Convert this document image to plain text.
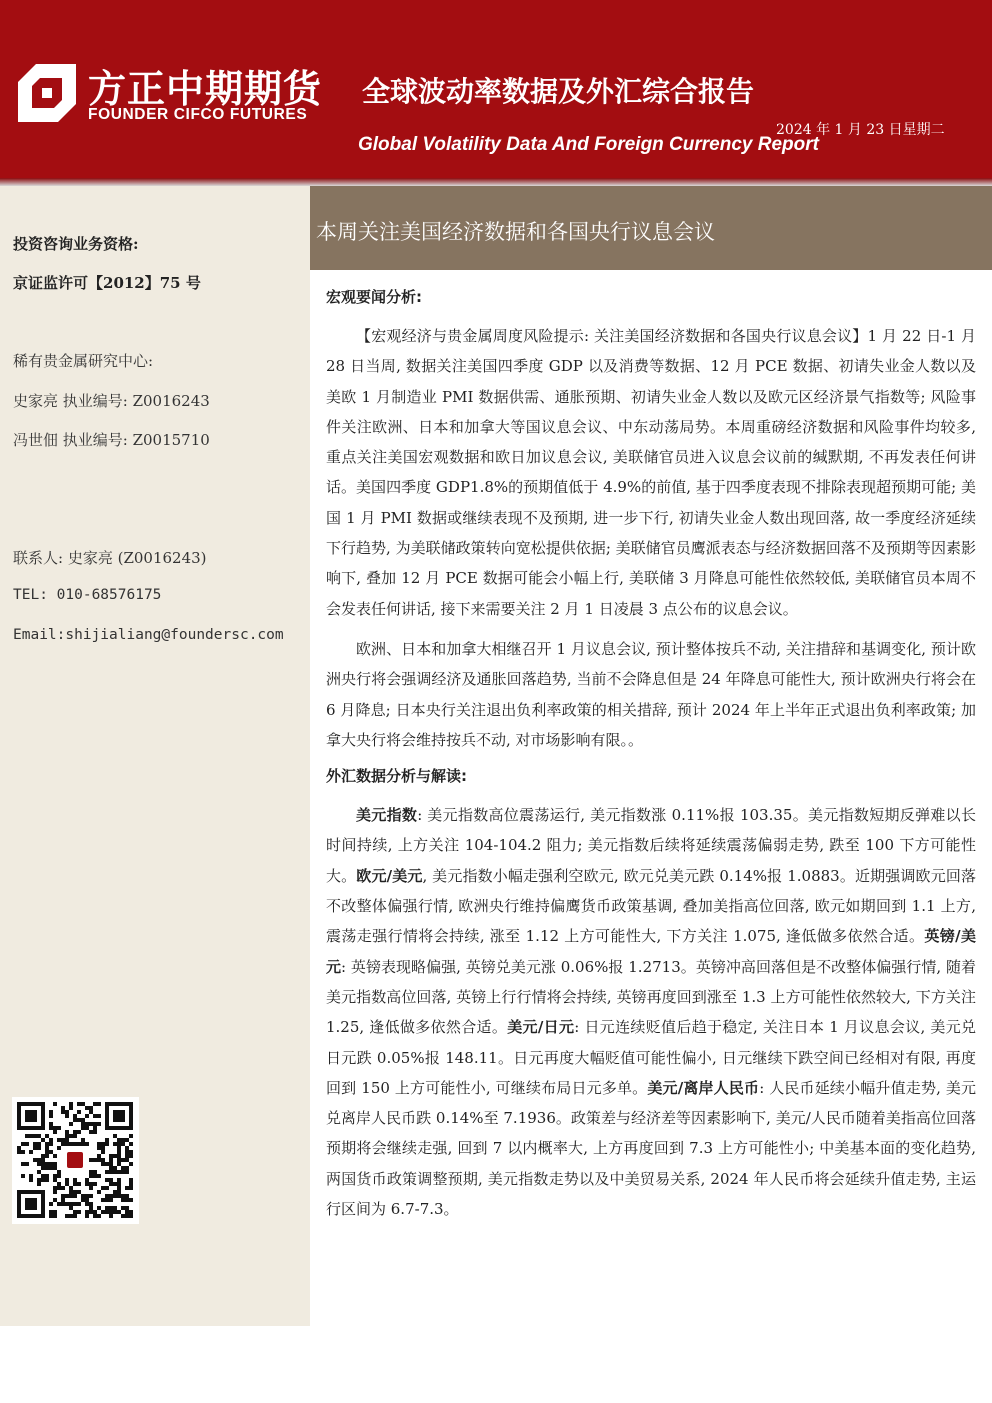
方正中期期货
FOUNDER CIFCO FUTURES
全球波动率数据及外汇综合报告
2024 年 1 月 23 日星期二
Global Volatility Data And Foreign Currency Report
投资咨询业务资格:
京证监许可【2012】75 号
稀有贵金属研究中心:
史家亮 执业编号: Z0016243
冯世佃 执业编号: Z0015710
联系人: 史家亮 (Z0016243)
TEL: 010-68576175
Email:shijialiang@foundersc.com
本周关注美国经济数据和各国央行议息会议
宏观要闻分析:

【宏观经济与贵金属周度风险提示: 关注美国经济数据和各国央行议息会议】1 月 22 日-1 月 28 日当周, 数据关注美国四季度 GDP 以及消费等数据、12 月 PCE 数据、初请失业金人数以及美欧 1 月制造业 PMI 数据供需、通胀预期、初请失业金人数以及欧元区经济景气指数等; 风险事件关注欧洲、日本和加拿大等国议息会议、中东动荡局势。本周重磅经济数据和风险事件均较多, 重点关注美国宏观数据和欧日加议息会议, 美联储官员进入议息会议前的缄默期, 不再发表任何讲话。美国四季度 GDP1.8%的预期值低于 4.9%的前值, 基于四季度表现不排除表现超预期可能; 美国 1 月 PMI 数据或继续表现不及预期, 进一步下行, 初请失业金人数出现回落, 故一季度经济延续下行趋势, 为美联储政策转向宽松提供依据; 美联储官员鹰派表态与经济数据回落不及预期等因素影响下, 叠加 12 月 PCE 数据可能会小幅上行, 美联储 3 月降息可能性依然较低, 美联储官员本周不会发表任何讲话, 接下来需要关注 2 月 1 日凌晨 3 点公布的议息会议。

欧洲、日本和加拿大相继召开 1 月议息会议, 预计整体按兵不动, 关注措辞和基调变化, 预计欧洲央行将会强调经济及通胀回落趋势, 当前不会降息但是 24 年降息可能性大, 预计欧洲央行将会在 6 月降息; 日本央行关注退出负利率政策的相关措辞, 预计 2024 年上半年正式退出负利率政策; 加拿大央行将会维持按兵不动, 对市场影响有限。。

外汇数据分析与解读:

美元指数: 美元指数高位震荡运行, 美元指数涨 0.11%报 103.35。美元指数短期反弹难以长时间持续, 上方关注 104-104.2 阻力; 美元指数后续将延续震荡偏弱走势, 跌至 100 下方可能性大。欧元/美元, 美元指数小幅走强利空欧元, 欧元兑美元跌 0.14%报 1.0883。近期强调欧元回落不改整体偏强行情, 欧洲央行维持偏鹰货币政策基调, 叠加美指高位回落, 欧元如期回到 1.1 上方, 震荡走强行情将会持续, 涨至 1.12 上方可能性大, 下方关注 1.075, 逢低做多依然合适。英镑/美元: 英镑表现略偏强, 英镑兑美元涨 0.06%报 1.2713。英镑冲高回落但是不改整体偏强行情, 随着美元指数高位回落, 英镑上行行情将会持续, 英镑再度回到涨至 1.3 上方可能性依然较大, 下方关注 1.25, 逢低做多依然合适。美元/日元: 日元连续贬值后趋于稳定, 关注日本 1 月议息会议, 美元兑日元跌 0.05%报 148.11。日元再度大幅贬值可能性偏小, 日元继续下跌空间已经相对有限, 再度回到 150 上方可能性小, 可继续布局日元多单。美元/离岸人民币: 人民币延续小幅升值走势, 美元兑离岸人民币跌 0.14%至 7.1936。政策差与经济差等因素影响下, 美元/人民币随着美指高位回落预期将会继续走强, 回到 7 以内概率大, 上方再度回到 7.3 上方可能性小; 中美基本面的变化趋势, 两国货币政策调整预期, 美元指数走势以及中美贸易关系, 2024 年人民币将会延续升值走势, 主运行区间为 6.7-7.3。
